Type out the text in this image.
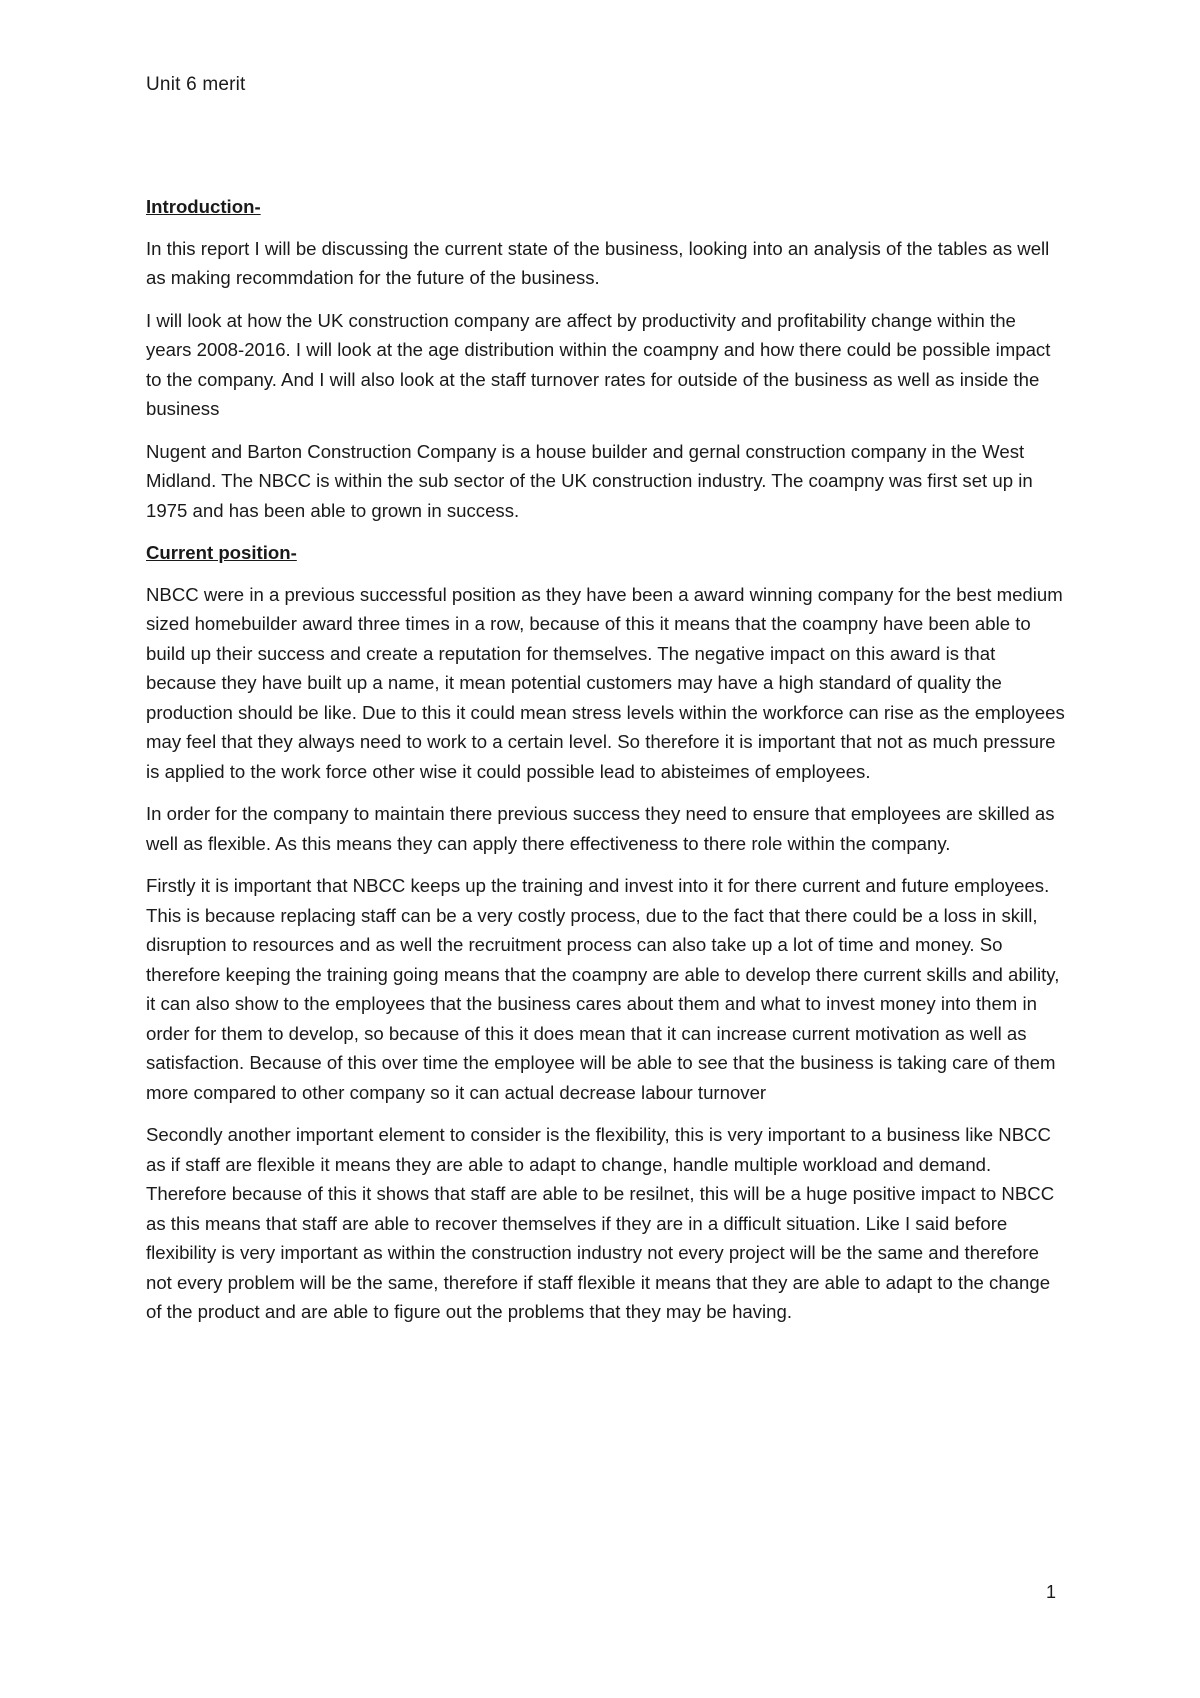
Unit 6 merit
Introduction-

In this report I will be discussing the current state of the business, looking into an analysis of the tables as well as making recommdation for the future of the business.

I will look at how the UK construction company are affect by productivity and profitability change within the years 2008-2016. I will look at the age distribution within the coampny and how there could be possible impact to the company. And I will also look at the staff turnover rates for outside of the business as well as inside the business

Nugent and Barton Construction Company is a house builder and gernal construction company in the West Midland. The NBCC is within the sub sector of the UK construction industry. The coampny was first set up in 1975 and has been able to grown in success.

Current position-

NBCC were in a previous successful position as they have been a award winning company for the best medium sized homebuilder award three times in a row, because of this it means that the coampny have been able to build up their success and create a reputation for themselves. The negative impact on this award is that because they have built up a name, it mean potential customers may have a high standard of quality the production should be like. Due to this it could mean stress levels within the workforce can rise as the employees may feel that they always need to work to a certain level. So therefore it is important that not as much pressure is applied to the work force other wise it could possible lead to abisteimes of employees.

In order for the company to maintain there previous success they need to ensure that employees are skilled as well as flexible. As this means they can apply there effectiveness to there role within the company.

Firstly it is important that NBCC keeps up the training and invest into it for there current and future employees. This is because replacing staff can be a very costly process, due to the fact that there could be a loss in skill, disruption to resources and as well the recruitment process can also take up a lot of time and money. So therefore keeping the training going means that the coampny are able to develop there current skills and ability, it can also show to the employees that the business cares about them and what to invest money into them in order for them to develop, so because of this it does mean that it can increase current motivation as well as satisfaction. Because of this over time the employee will be able to see that the business is taking care of them more compared to other company so it can actual decrease labour turnover

Secondly another important element to consider is the flexibility, this is very important to a business like NBCC as if staff are flexible it means they are able to adapt to change, handle multiple workload and demand. Therefore because of this it shows that staff are able to be resilnet, this will be a huge positive impact to NBCC as this means that staff are able to recover themselves if they are in a difficult situation. Like I said before flexibility is very important as within the construction industry not every project will be the same and therefore not every problem will be the same, therefore if staff flexible it means that they are able to adapt to the change of the product and are able to figure out the problems that they may be having.

1
